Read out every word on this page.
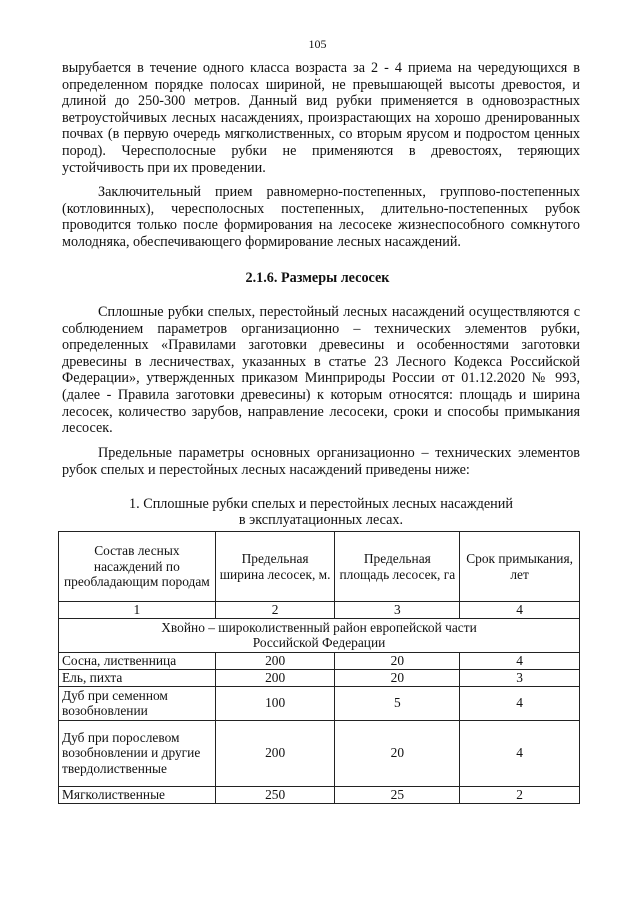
105

вырубается в течение одного класса возраста за 2 - 4 приема на чередующихся в определенном порядке полосах шириной, не превышающей высоты древостоя, и длиной до 250-300 метров. Данный вид рубки применяется в одновозрастных ветроустойчивых лесных насаждениях, произрастающих на хорошо дренированных почвах (в первую очередь мягколиственных, со вторым ярусом и подростом ценных пород). Чересполосные рубки не применяются в древостоях, теряющих устойчивость при их проведении.

Заключительный прием равномерно-постепенных, группово-постепенных (котловинных), чересполосных постепенных, длительно-постепенных рубок проводится только после формирования на лесосеке жизнеспособного сомкнутого молодняка, обеспечивающего формирование лесных насаждений.

2.1.6. Размеры лесосек

Сплошные рубки спелых, перестойный лесных насаждений осуществляются с соблюдением параметров организационно – технических элементов рубки, определенных «Правилами заготовки древесины и особенностями заготовки древесины в лесничествах, указанных в статье 23 Лесного Кодекса Российской Федерации», утвержденных приказом Минприроды России от 01.12.2020 № 993, (далее - Правила заготовки древесины) к которым относятся: площадь и ширина лесосек, количество зарубов, направление лесосеки, сроки и способы примыкания лесосек.

Предельные параметры основных организационно – технических элементов рубок спелых и перестойных лесных насаждений приведены ниже:

1. Сплошные рубки спелых и перестойных лесных насаждений
в эксплуатационных лесах.
Состав лесных насаждений по преобладающим породам	Предельная ширина лесосек, м.	Предельная площадь лесосек, га	Срок примыкания, лет
1	2	3	4
Хвойно – широколиственный район европейской части Российской Федерации			
Сосна, лиственница	200	20	4
Ель, пихта	200	20	3
Дуб при семенном возобновлении	100	5	4
Дуб при порослевом возобновлении и другие твердолиственные	200	20	4
Мягколиственные	250	25	2
